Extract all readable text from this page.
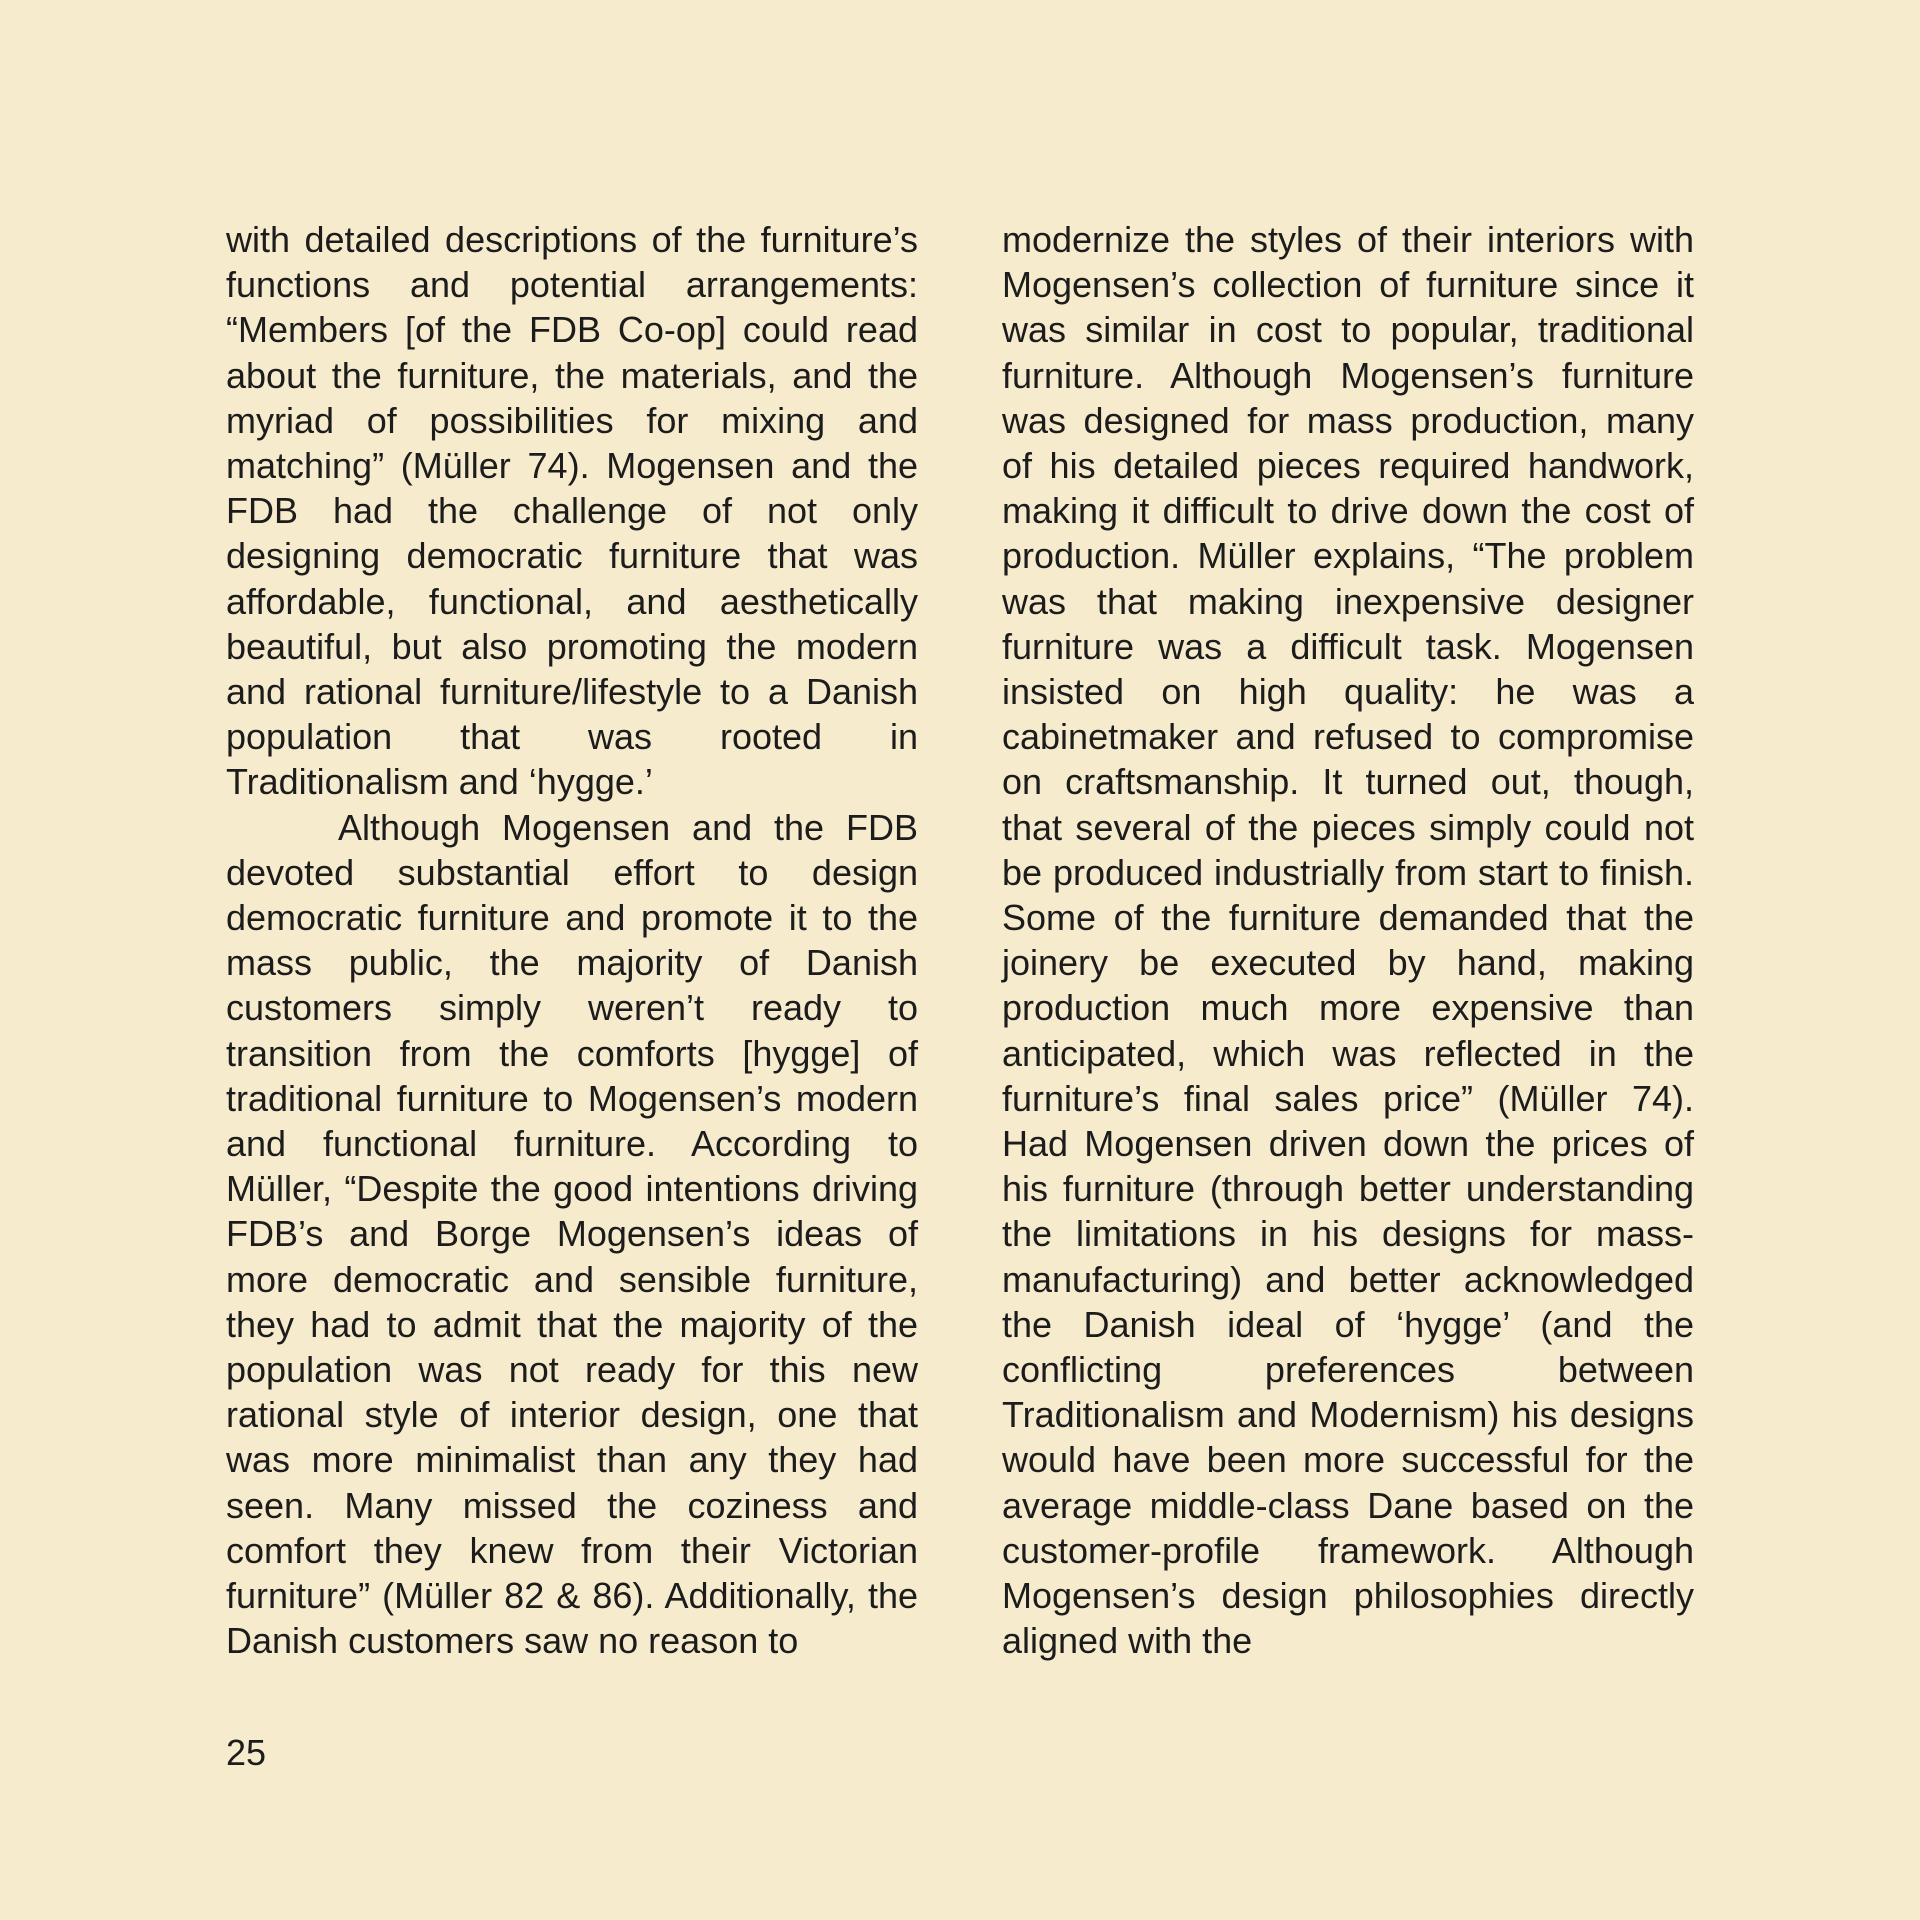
with detailed descriptions of the furniture’s functions and potential arrangements: “Members [of the FDB Co-op] could read about the furniture, the materials, and the myriad of possibilities for mixing and matching” (Müller 74). Mogensen and the FDB had the challenge of not only designing democratic furniture that was affordable, functional, and aesthetically beautiful, but also promoting the modern and rational furniture/lifestyle to a Danish population that was rooted in Traditionalism and ‘hygge.’

Although Mogensen and the FDB devoted substantial effort to design democratic furniture and promote it to the mass public, the majority of Danish customers simply weren’t ready to transition from the comforts [hygge] of traditional furniture to Mogensen’s modern and functional furniture. According to Müller, “Despite the good intentions driving FDB’s and Borge Mogensen’s ideas of more democratic and sensible furniture, they had to admit that the majority of the population was not ready for this new rational style of interior design, one that was more minimalist than any they had seen. Many missed the coziness and comfort they knew from their Victorian furniture” (Müller 82 & 86). Additionally, the Danish customers saw no reason to

modernize the styles of their interiors with Mogensen’s collection of furniture since it was similar in cost to popular, traditional furniture. Although Mogensen’s furniture was designed for mass production, many of his detailed pieces required handwork, making it difficult to drive down the cost of production. Müller explains, “The problem was that making inexpensive designer furniture was a difficult task. Mogensen insisted on high quality: he was a cabinetmaker and refused to compromise on craftsmanship. It turned out, though, that several of the pieces simply could not be produced industrially from start to finish. Some of the furniture demanded that the joinery be executed by hand, making production much more expensive than anticipated, which was reflected in the furniture’s final sales price” (Müller 74). Had Mogensen driven down the prices of his furniture (through better understanding the limitations in his designs for mass-manufacturing) and better acknowledged the Danish ideal of ‘hygge’ (and the conflicting preferences between Traditionalism and Modernism) his designs would have been more successful for the average middle-class Dane based on the customer-profile framework. Although Mogensen’s design philosophies directly aligned with the

25
